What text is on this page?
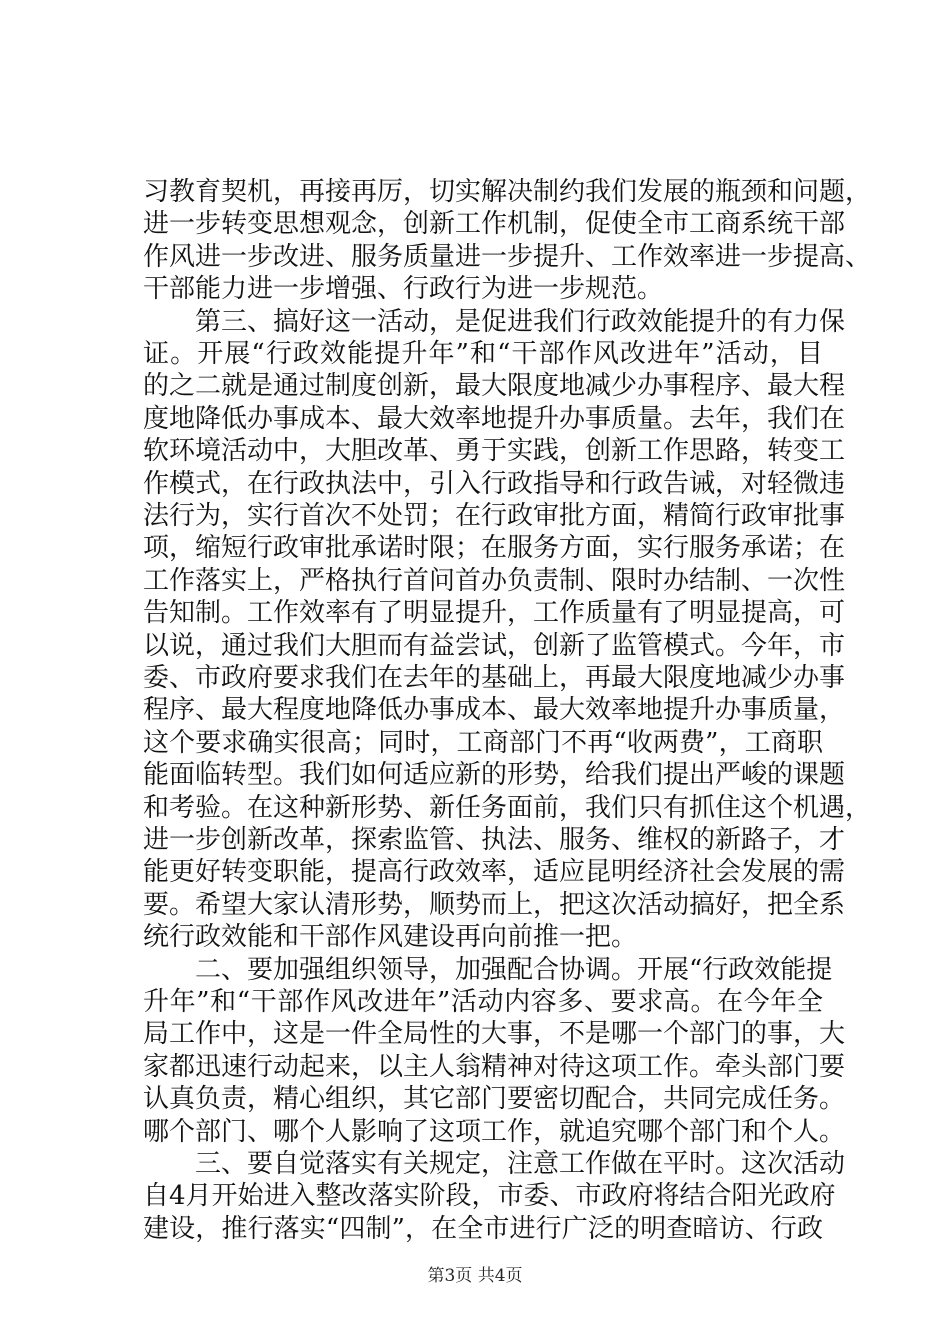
习教育契机，再接再厉，切实解决制约我们发展的瓶颈和问题，
进一步转变思想观念，创新工作机制，促使全市工商系统干部
作风进一步改进、服务质量进一步提升、工作效率进一步提高、
干部能力进一步增强、行政行为进一步规范。
　　第三、搞好这一活动，是促进我们行政效能提升的有力保
证。开展“行政效能提升年”和“干部作风改进年”活动，目
的之二就是通过制度创新，最大限度地减少办事程序、最大程
度地降低办事成本、最大效率地提升办事质量。去年，我们在
软环境活动中，大胆改革、勇于实践，创新工作思路，转变工
作模式，在行政执法中，引入行政指导和行政告诫，对轻微违
法行为，实行首次不处罚；在行政审批方面，精简行政审批事
项，缩短行政审批承诺时限；在服务方面，实行服务承诺；在
工作落实上，严格执行首问首办负责制、限时办结制、一次性
告知制。工作效率有了明显提升，工作质量有了明显提高，可
以说，通过我们大胆而有益尝试，创新了监管模式。今年，市
委、市政府要求我们在去年的基础上，再最大限度地减少办事
程序、最大程度地降低办事成本、最大效率地提升办事质量，
这个要求确实很高；同时，工商部门不再“收两费”，工商职
能面临转型。我们如何适应新的形势，给我们提出严峻的课题
和考验。在这种新形势、新任务面前，我们只有抓住这个机遇，
进一步创新改革，探索监管、执法、服务、维权的新路子，才
能更好转变职能，提高行政效率，适应昆明经济社会发展的需
要。希望大家认清形势，顺势而上，把这次活动搞好，把全系
统行政效能和干部作风建设再向前推一把。
　　二、要加强组织领导，加强配合协调。开展“行政效能提
升年”和“干部作风改进年”活动内容多、要求高。在今年全
局工作中，这是一件全局性的大事，不是哪一个部门的事，大
家都迅速行动起来，以主人翁精神对待这项工作。牵头部门要
认真负责，精心组织，其它部门要密切配合，共同完成任务。
哪个部门、哪个人影响了这项工作，就追究哪个部门和个人。
　　三、要自觉落实有关规定，注意工作做在平时。这次活动
自4月开始进入整改落实阶段，市委、市政府将结合阳光政府
建设，推行落实“四制”，在全市进行广泛的明查暗访、行政
第3页 共4页
